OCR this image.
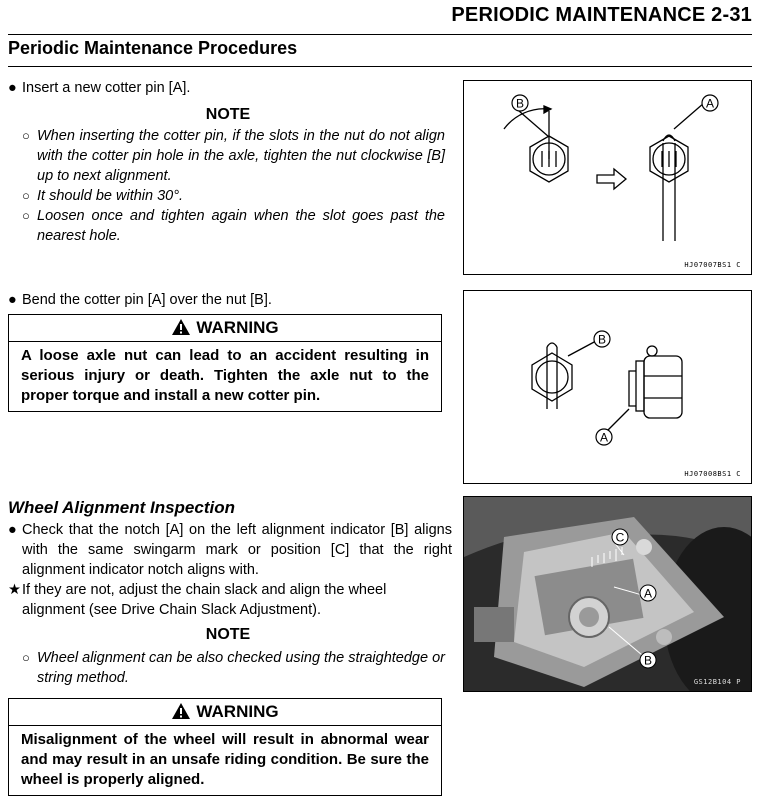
PERIODIC MAINTENANCE 2-31
Periodic Maintenance Procedures
● Insert a new cotter pin [A].
NOTE
○ When inserting the cotter pin, if the slots in the nut do not align with the cotter pin hole in the axle, tighten the nut clockwise [B] up to next alignment.
○ It should be within 30°.
○ Loosen once and tighten again when the slot goes past the nearest hole.
● Bend the cotter pin [A] over the nut [B].
WARNING
A loose axle nut can lead to an accident resulting in serious injury or death. Tighten the axle nut to the proper torque and install a new cotter pin.
Wheel Alignment Inspection
● Check that the notch [A] on the left alignment indicator [B] aligns with the same swingarm mark or position [C] that the right alignment indicator notch aligns with.
★ If they are not, adjust the chain slack and align the wheel alignment (see Drive Chain Slack Adjustment).
NOTE
○ Wheel alignment can be also checked using the straightedge or string method.
WARNING
Misalignment of the wheel will result in abnormal wear and may result in an unsafe riding condition. Be sure the wheel is properly aligned.
B	A
HJ07007BS1 C
B
A
HJ07008BS1 C
C
A
B
GS12B104 P
